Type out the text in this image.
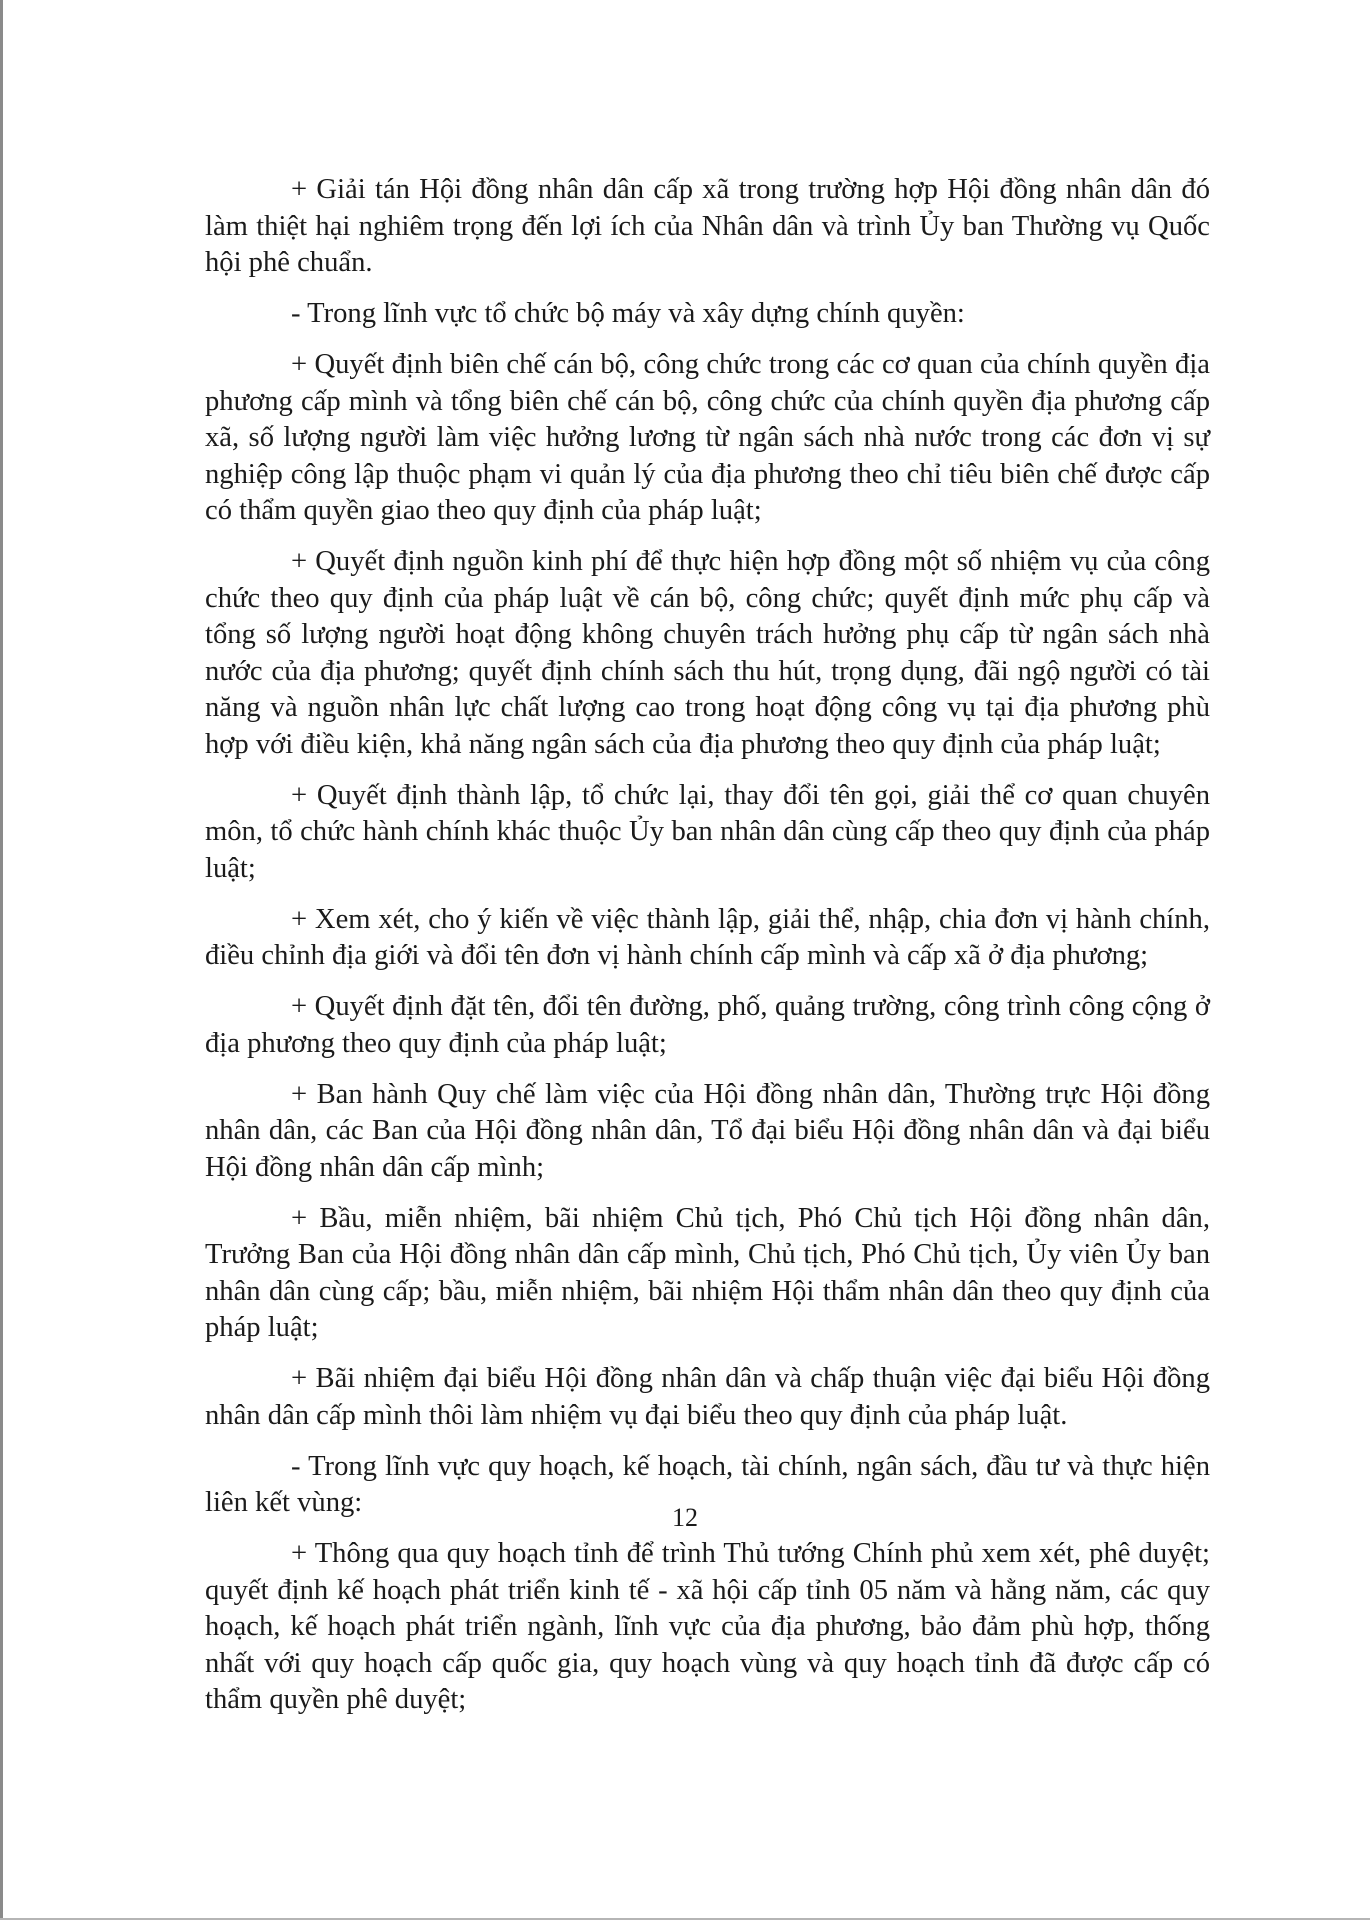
+ Giải tán Hội đồng nhân dân cấp xã trong trường hợp Hội đồng nhân dân đó làm thiệt hại nghiêm trọng đến lợi ích của Nhân dân và trình Ủy ban Thường vụ Quốc hội phê chuẩn.

- Trong lĩnh vực tổ chức bộ máy và xây dựng chính quyền:

+ Quyết định biên chế cán bộ, công chức trong các cơ quan của chính quyền địa phương cấp mình và tổng biên chế cán bộ, công chức của chính quyền địa phương cấp xã, số lượng người làm việc hưởng lương từ ngân sách nhà nước trong các đơn vị sự nghiệp công lập thuộc phạm vi quản lý của địa phương theo chỉ tiêu biên chế được cấp có thẩm quyền giao theo quy định của pháp luật;

+ Quyết định nguồn kinh phí để thực hiện hợp đồng một số nhiệm vụ của công chức theo quy định của pháp luật về cán bộ, công chức; quyết định mức phụ cấp và tổng số lượng người hoạt động không chuyên trách hưởng phụ cấp từ ngân sách nhà nước của địa phương; quyết định chính sách thu hút, trọng dụng, đãi ngộ người có tài năng và nguồn nhân lực chất lượng cao trong hoạt động công vụ tại địa phương phù hợp với điều kiện, khả năng ngân sách của địa phương theo quy định của pháp luật;

+ Quyết định thành lập, tổ chức lại, thay đổi tên gọi, giải thể cơ quan chuyên môn, tổ chức hành chính khác thuộc Ủy ban nhân dân cùng cấp theo quy định của pháp luật;

+ Xem xét, cho ý kiến về việc thành lập, giải thể, nhập, chia đơn vị hành chính, điều chỉnh địa giới và đổi tên đơn vị hành chính cấp mình và cấp xã ở địa phương;

+ Quyết định đặt tên, đổi tên đường, phố, quảng trường, công trình công cộng ở địa phương theo quy định của pháp luật;

+ Ban hành Quy chế làm việc của Hội đồng nhân dân, Thường trực Hội đồng nhân dân, các Ban của Hội đồng nhân dân, Tổ đại biểu Hội đồng nhân dân và đại biểu Hội đồng nhân dân cấp mình;

+ Bầu, miễn nhiệm, bãi nhiệm Chủ tịch, Phó Chủ tịch Hội đồng nhân dân, Trưởng Ban của Hội đồng nhân dân cấp mình, Chủ tịch, Phó Chủ tịch, Ủy viên Ủy ban nhân dân cùng cấp; bầu, miễn nhiệm, bãi nhiệm Hội thẩm nhân dân theo quy định của pháp luật;

+ Bãi nhiệm đại biểu Hội đồng nhân dân và chấp thuận việc đại biểu Hội đồng nhân dân cấp mình thôi làm nhiệm vụ đại biểu theo quy định của pháp luật.

- Trong lĩnh vực quy hoạch, kế hoạch, tài chính, ngân sách, đầu tư và thực hiện liên kết vùng:

+ Thông qua quy hoạch tỉnh để trình Thủ tướng Chính phủ xem xét, phê duyệt; quyết định kế hoạch phát triển kinh tế - xã hội cấp tỉnh 05 năm và hằng năm, các quy hoạch, kế hoạch phát triển ngành, lĩnh vực của địa phương, bảo đảm phù hợp, thống nhất với quy hoạch cấp quốc gia, quy hoạch vùng và quy hoạch tỉnh đã được cấp có thẩm quyền phê duyệt;

12
